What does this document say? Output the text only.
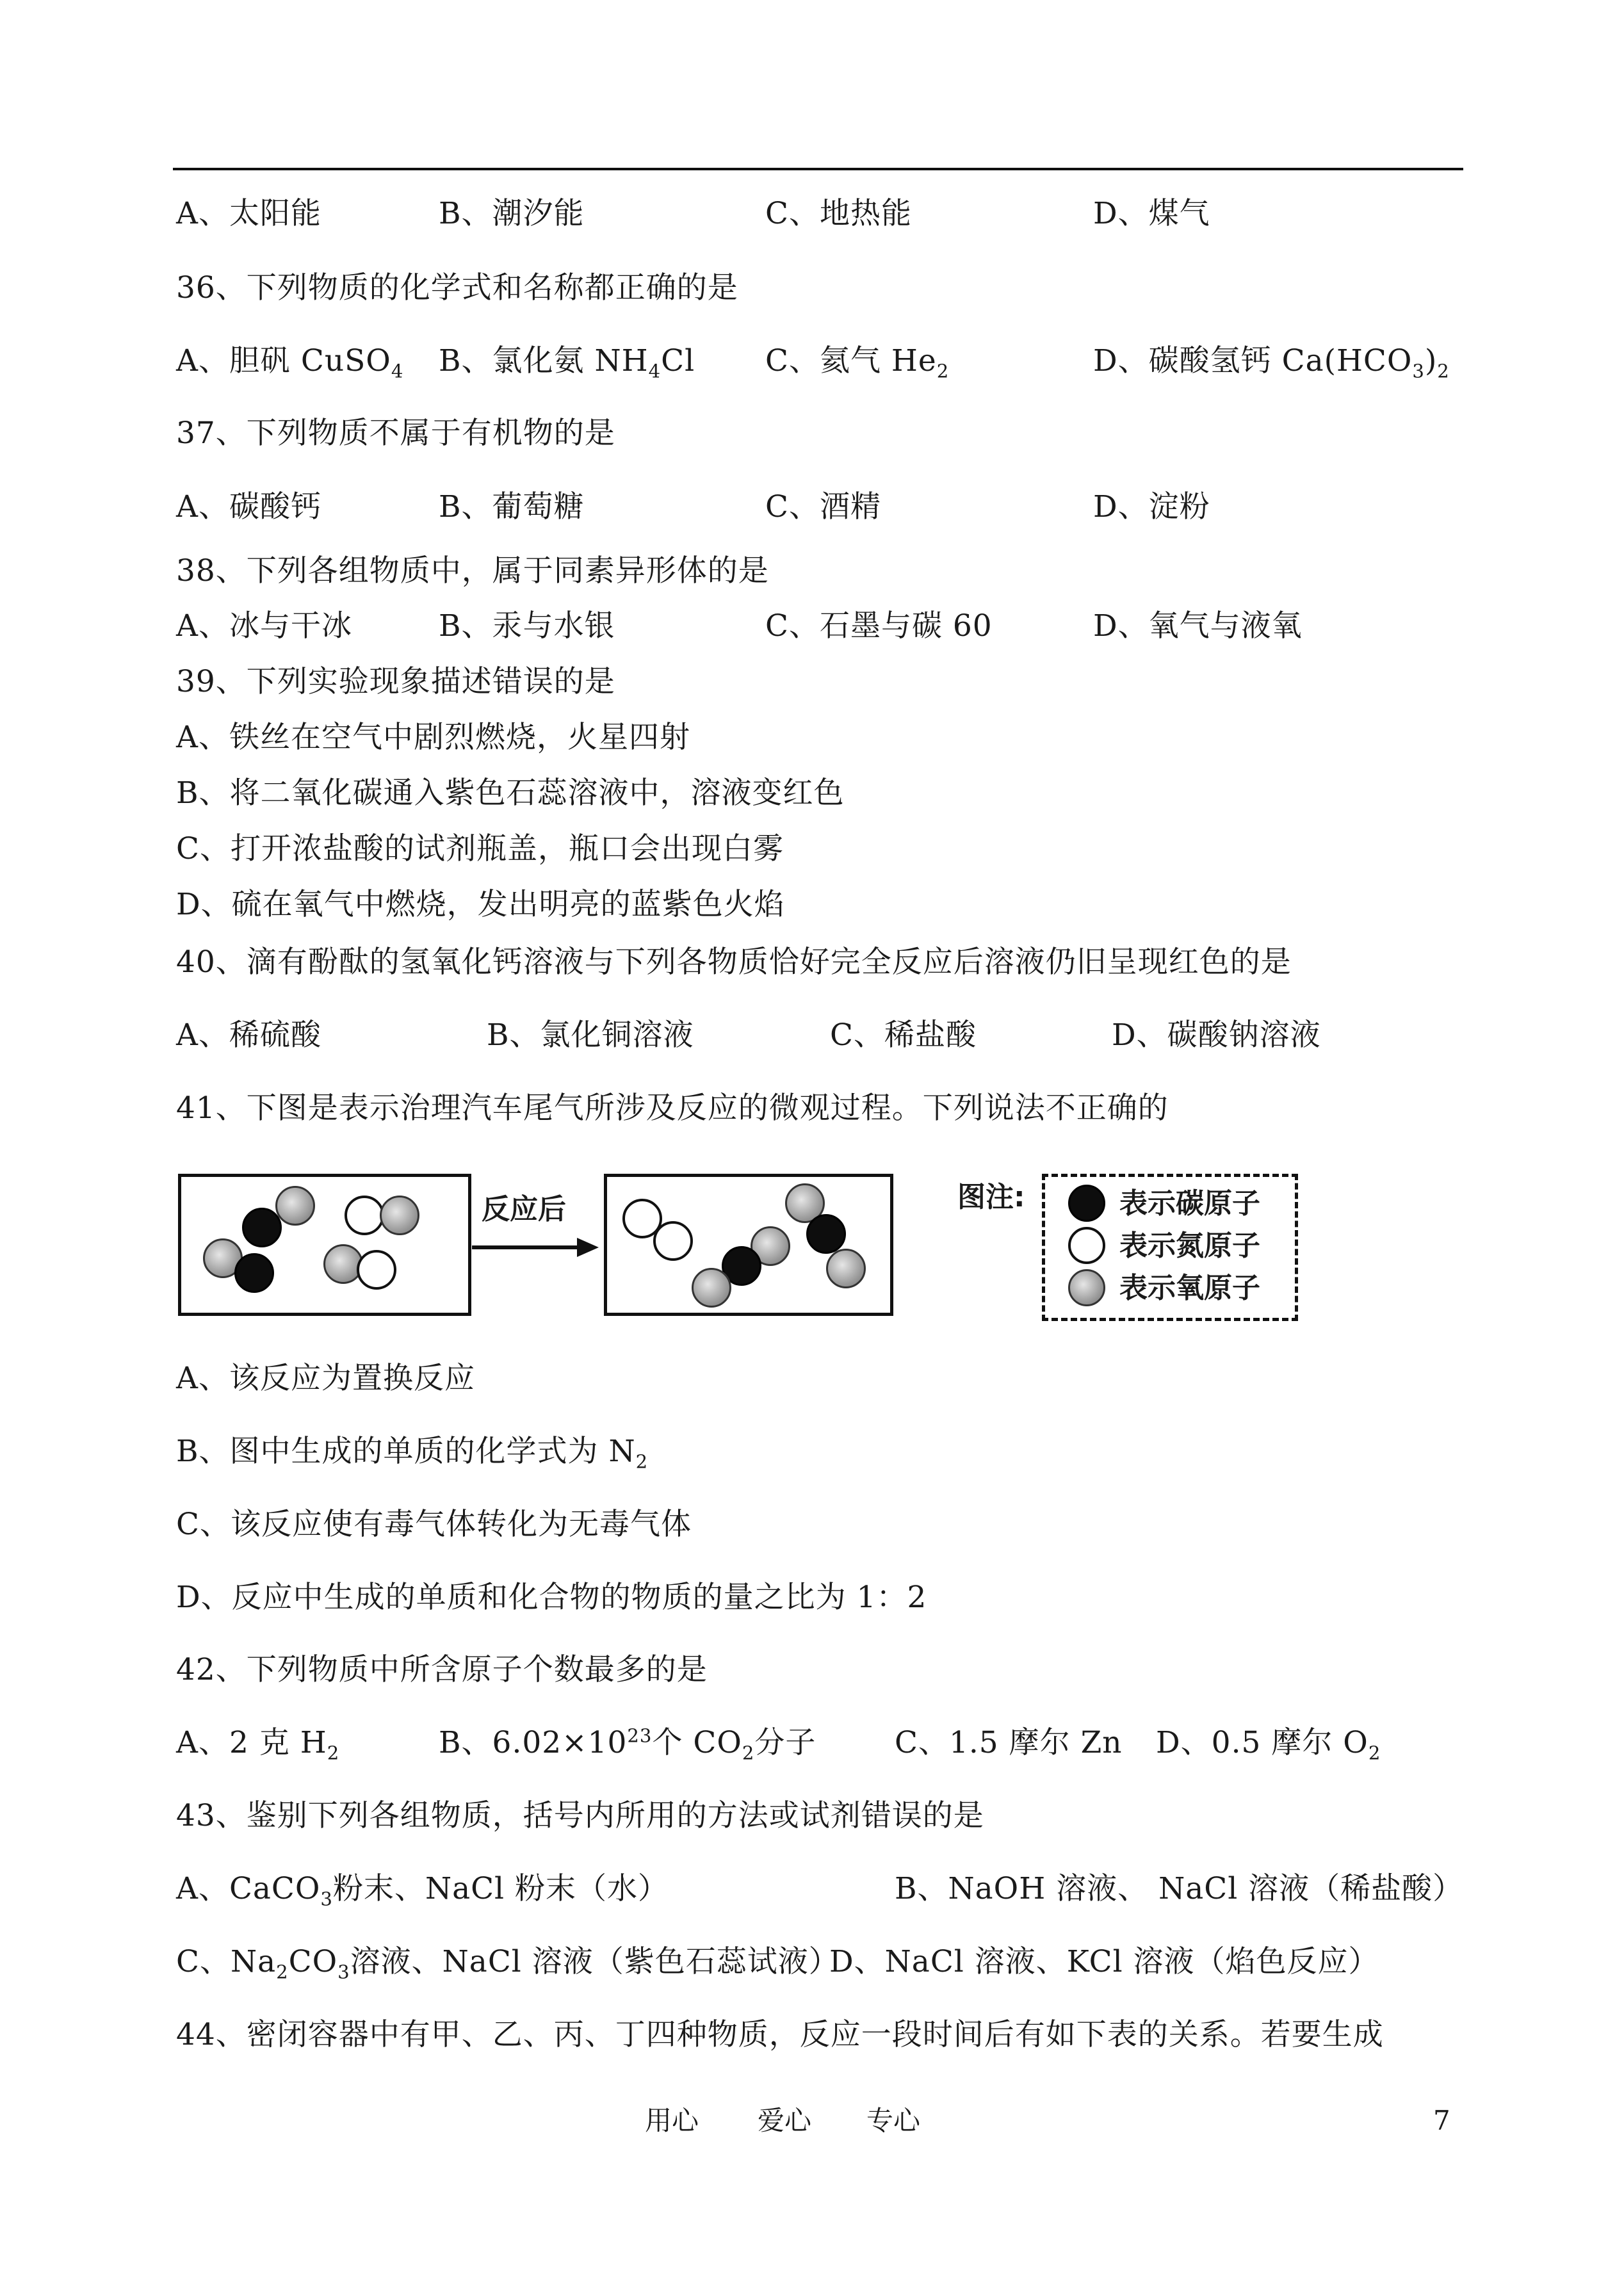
A、太阳能	B、潮汐能	C、地热能	D、煤气
36、下列物质的化学式和名称都正确的是
A、胆矾 CuSO$_4$ B、氯化氨 $NH_4Cl$ C、氦气 $He_2$	D、碳酸氢钙 $Ca(HCO_3)_2$
37、下列物质不属于有机物的是
A、碳酸钙	B、葡萄糖	C、酒精	D、淀粉
38、下列各组物质中，属于同素异形体的是
A、冰与干冰	B、汞与水银	C、石墨与碳 60	D、氧气与液氧
39、下列实验现象描述错误的是
A、铁丝在空气中剧烈燃烧，火星四射
B、将二氧化碳通入紫色石蕊溶液中，溶液变红色
C、打开浓盐酸的试剂瓶盖，瓶口会出现白雾
D、硫在氧气中燃烧，发出明亮的蓝紫色火焰
40、滴有酚酞的氢氧化钙溶液与下列各物质恰好完全反应后溶液仍旧呈现红色的是
A、稀硫酸	B、氯化铜溶液	C、稀盐酸	D、碳酸钠溶液
41、下图是表示治理汽车尾气所涉及反应的微观过程。下列说法不正确的
反应后	图注:	表示碳原子
表示氮原子
表示氧原子
A、该反应为置换反应
B、图中生成的单质的化学式为 $N_2$
C、该反应使有毒气体转化为无毒气体
D、反应中生成的单质和化合物的物质的量之比为 1：2
42、下列物质中所含原子个数最多的是
A、2 克 $H_2$	B、$6.02\times 10^{23}$个 $CO_2$分子	C、1.5 摩尔 Zn D、0.5 摩尔 $O_2$
43、鉴别下列各组物质，括号内所用的方法或试剂错误的是
A、CaCO$_3$粉末、NaCl 粉末（水）	B、NaOH 溶液、 NaCl 溶液（稀盐酸）
C、$Na_2CO_3$溶液、NaCl 溶液（紫色石蕊试液）
D、NaCl 溶液、KCl 溶液（焰色反应）
44、密闭容器中有甲、乙、丙、丁四种物质，反应一段时间后有如下表的关系。若要生成
用心 爱心 专心	7
